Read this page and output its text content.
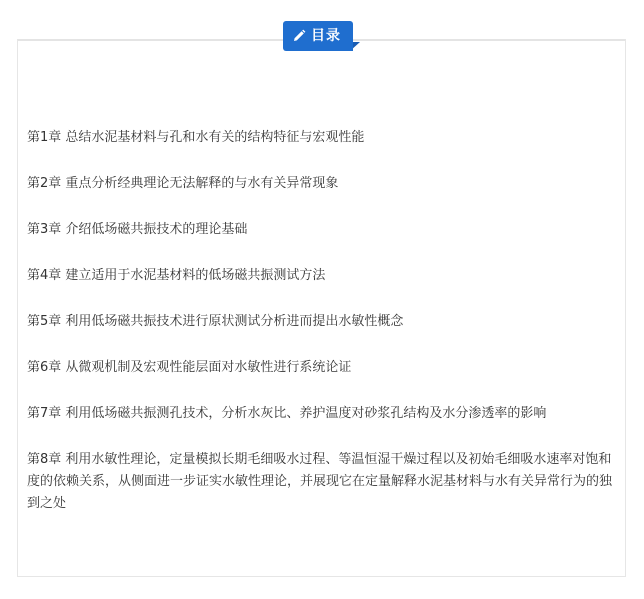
目录
第1章 总结水泥基材料与孔和水有关的结构特征与宏观性能
第2章 重点分析经典理论无法解释的与水有关异常现象
第3章 介绍低场磁共振技术的理论基础
第4章 建立适用于水泥基材料的低场磁共振测试方法
第5章 利用低场磁共振技术进行原状测试分析进而提出水敏性概念
第6章 从微观机制及宏观性能层面对水敏性进行系统论证
第7章 利用低场磁共振测孔技术，分析水灰比、养护温度对砂浆孔结构及水分渗透率的影响
第8章 利用水敏性理论，定量模拟长期毛细吸水过程、等温恒湿干燥过程以及初始毛细吸水速率对饱和度的依赖关系，从侧面进一步证实水敏性理论，并展现它在定量解释水泥基材料与水有关异常行为的独到之处
